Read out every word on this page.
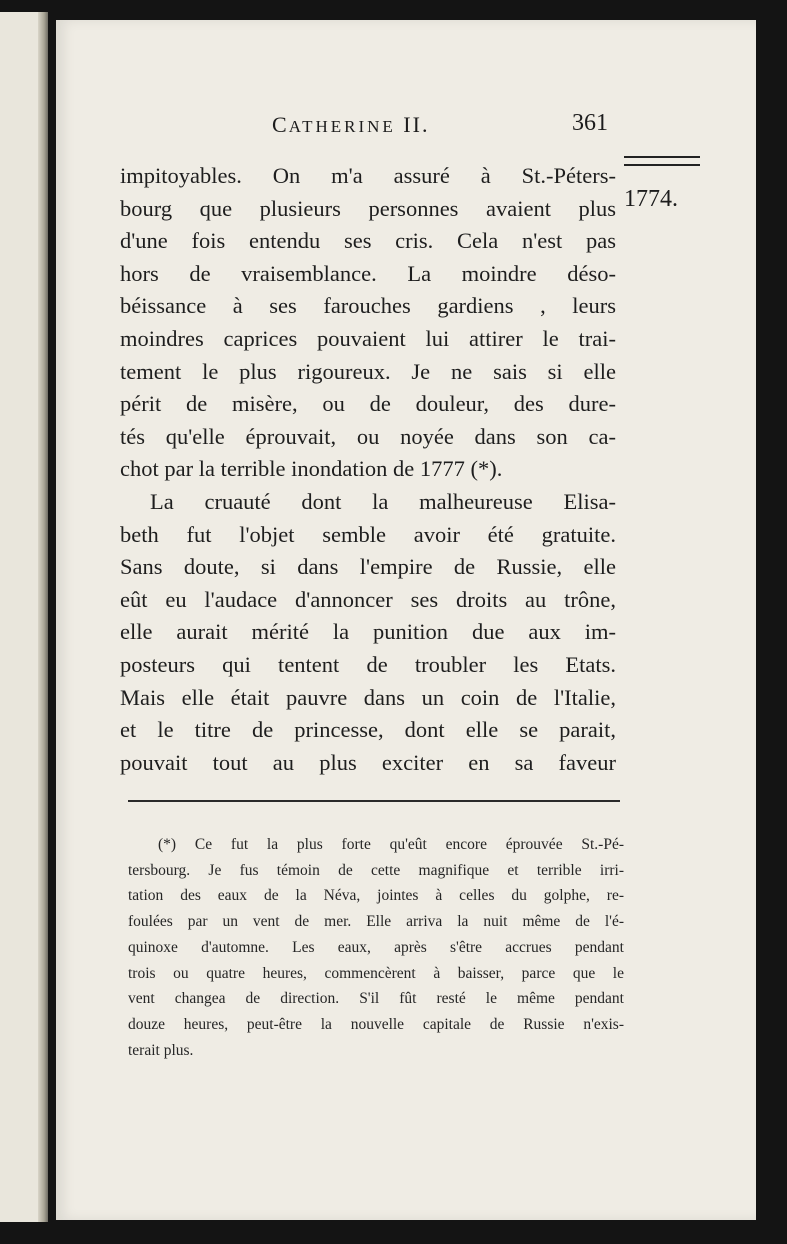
CATHERINE II.	361
1774.
impitoyables. On m'a assuré à St.-Péters-
bourg que plusieurs personnes avaient plus
d'une fois entendu ses cris. Cela n'est pas
hors de vraisemblance. La moindre déso-
béissance à ses farouches gardiens , leurs
moindres caprices pouvaient lui attirer le trai-
tement le plus rigoureux. Je ne sais si elle
périt de misère, ou de douleur, des dure-
tés qu'elle éprouvait, ou noyée dans son ca-
chot par la terrible inondation de 1777 (*).
La cruauté dont la malheureuse Elisa-
beth fut l'objet semble avoir été gratuite.
Sans doute, si dans l'empire de Russie, elle
eût eu l'audace d'annoncer ses droits au trône,
elle aurait mérité la punition due aux im-
posteurs qui tentent de troubler les Etats.
Mais elle était pauvre dans un coin de l'Italie,
et le titre de princesse, dont elle se parait,
pouvait tout au plus exciter en sa faveur
(*) Ce fut la plus forte qu'eût encore éprouvée St.-Pé-
tersbourg. Je fus témoin de cette magnifique et terrible irri-
tation des eaux de la Néva, jointes à celles du golphe, re-
foulées par un vent de mer. Elle arriva la nuit même de l'é-
quinoxe d'automne. Les eaux, après s'être accrues pendant
trois ou quatre heures, commencèrent à baisser, parce que le
vent changea de direction. S'il fût resté le même pendant
douze heures, peut-être la nouvelle capitale de Russie n'exis-
terait plus.
